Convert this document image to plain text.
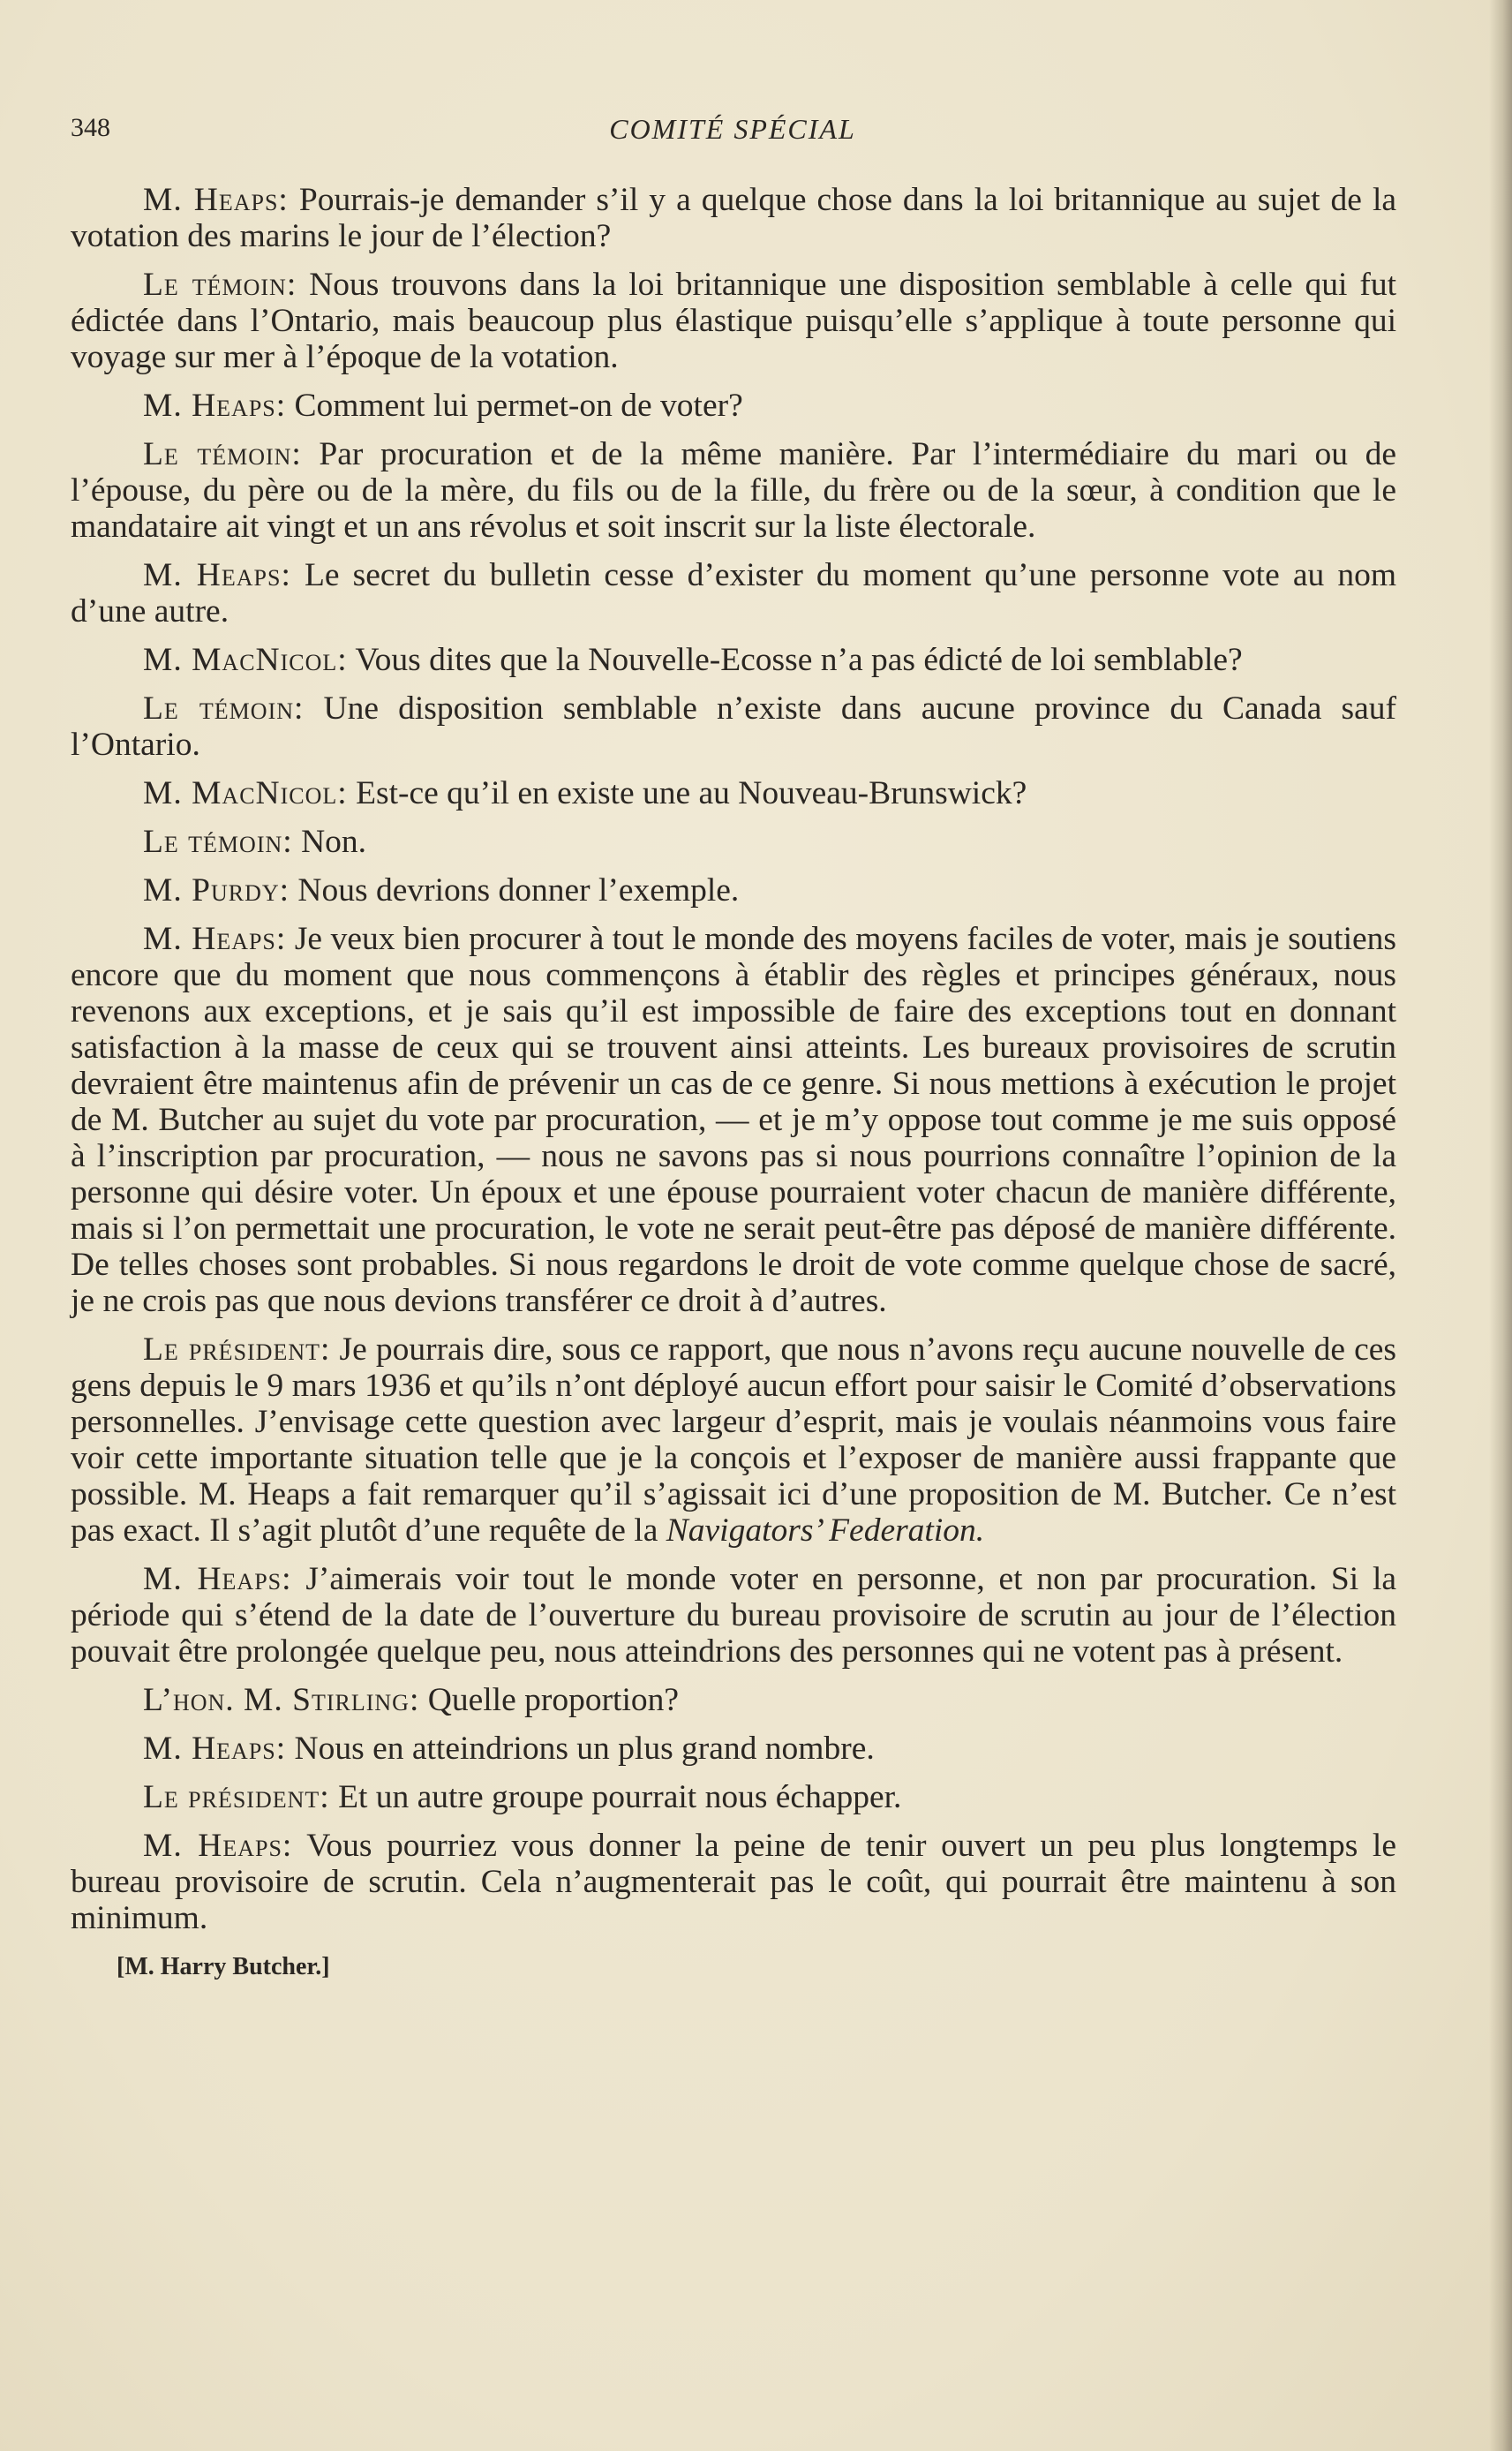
348	COMITÉ SPÉCIAL

M. Heaps: Pourrais-je demander s’il y a quelque chose dans la loi britannique au sujet de la votation des marins le jour de l’élection?

Le témoin: Nous trouvons dans la loi britannique une disposition semblable à celle qui fut édictée dans l’Ontario, mais beaucoup plus élastique puisqu’elle s’applique à toute personne qui voyage sur mer à l’époque de la votation.

M. Heaps: Comment lui permet-on de voter?

Le témoin: Par procuration et de la même manière. Par l’intermédiaire du mari ou de l’épouse, du père ou de la mère, du fils ou de la fille, du frère ou de la sœur, à condition que le mandataire ait vingt et un ans révolus et soit inscrit sur la liste électorale.

M. Heaps: Le secret du bulletin cesse d’exister du moment qu’une personne vote au nom d’une autre.

M. MacNicol: Vous dites que la Nouvelle-Ecosse n’a pas édicté de loi semblable?

Le témoin: Une disposition semblable n’existe dans aucune province du Canada sauf l’Ontario.

M. MacNicol: Est-ce qu’il en existe une au Nouveau-Brunswick?

Le témoin: Non.

M. Purdy: Nous devrions donner l’exemple.

M. Heaps: Je veux bien procurer à tout le monde des moyens faciles de voter, mais je soutiens encore que du moment que nous commençons à établir des règles et principes généraux, nous revenons aux exceptions, et je sais qu’il est impossible de faire des exceptions tout en donnant satisfaction à la masse de ceux qui se trouvent ainsi atteints. Les bureaux provisoires de scrutin devraient être maintenus afin de prévenir un cas de ce genre. Si nous mettions à exécution le projet de M. Butcher au sujet du vote par procuration, — et je m’y oppose tout comme je me suis opposé à l’inscription par procuration, — nous ne savons pas si nous pourrions connaître l’opinion de la personne qui désire voter. Un époux et une épouse pourraient voter chacun de manière différente, mais si l’on permettait une procuration, le vote ne serait peut-être pas déposé de manière différente. De telles choses sont probables. Si nous regardons le droit de vote comme quelque chose de sacré, je ne crois pas que nous devions transférer ce droit à d’autres.

Le président: Je pourrais dire, sous ce rapport, que nous n’avons reçu aucune nouvelle de ces gens depuis le 9 mars 1936 et qu’ils n’ont déployé aucun effort pour saisir le Comité d’observations personnelles. J’envisage cette question avec largeur d’esprit, mais je voulais néanmoins vous faire voir cette importante situation telle que je la conçois et l’exposer de manière aussi frappante que possible. M. Heaps a fait remarquer qu’il s’agissait ici d’une proposition de M. Butcher. Ce n’est pas exact. Il s’agit plutôt d’une requête de la Navigators’ Federation.

M. Heaps: J’aimerais voir tout le monde voter en personne, et non par procuration. Si la période qui s’étend de la date de l’ouverture du bureau provisoire de scrutin au jour de l’élection pouvait être prolongée quelque peu, nous atteindrions des personnes qui ne votent pas à présent.

L’hon. M. Stirling: Quelle proportion?

M. Heaps: Nous en atteindrions un plus grand nombre.

Le président: Et un autre groupe pourrait nous échapper.

M. Heaps: Vous pourriez vous donner la peine de tenir ouvert un peu plus longtemps le bureau provisoire de scrutin. Cela n’augmenterait pas le coût, qui pourrait être maintenu à son minimum.

[M. Harry Butcher.]
